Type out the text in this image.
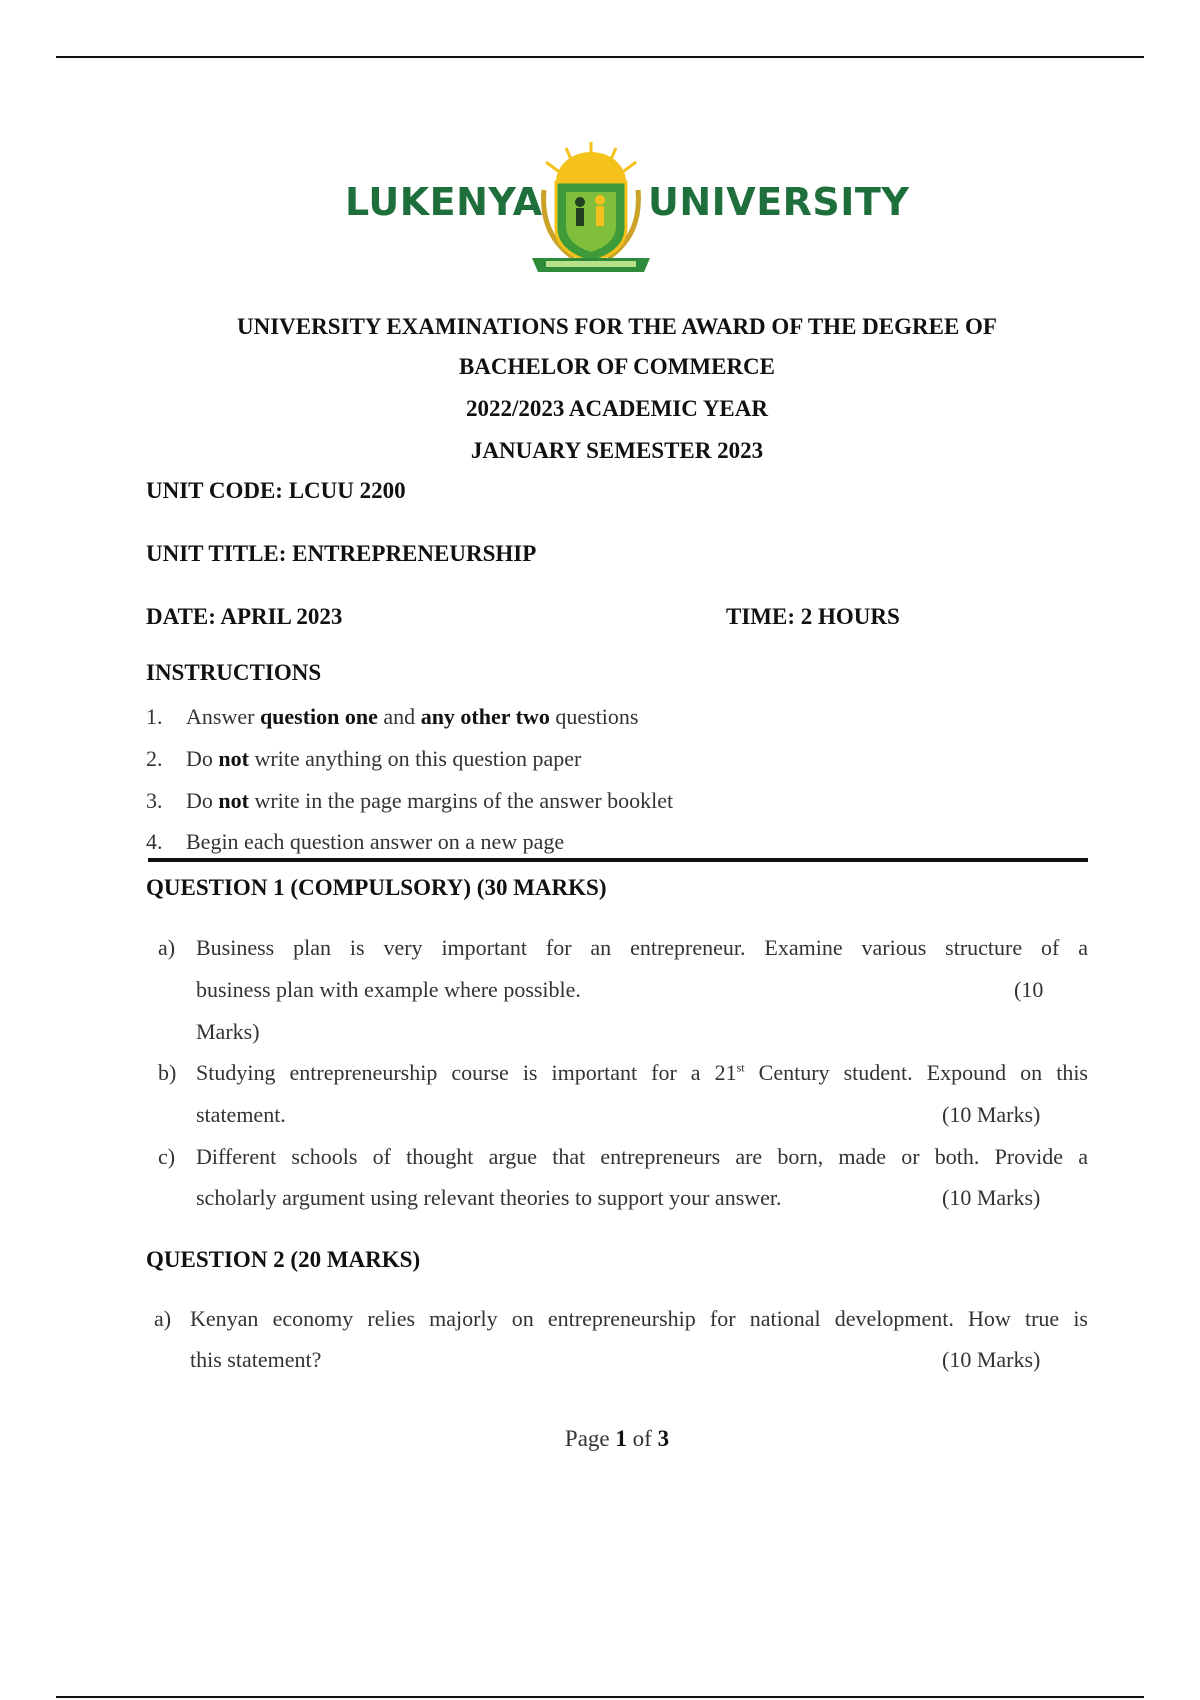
LUKENYA	UNIVERSITY
UNIVERSITY EXAMINATIONS FOR THE AWARD OF THE DEGREE OF
BACHELOR OF COMMERCE
2022/2023 ACADEMIC YEAR
JANUARY SEMESTER 2023
UNIT CODE: LCUU 2200
UNIT TITLE: ENTREPRENEURSHIP
DATE: APRIL 2023	TIME: 2 HOURS
INSTRUCTIONS
1. Answer question one and any other two questions
2. Do not write anything on this question paper
3. Do not write in the page margins of the answer booklet
4. Begin each question answer on a new page
QUESTION 1 (COMPULSORY) (30 MARKS)
a) Business plan is very important for an entrepreneur. Examine various structure of a
business plan with example where possible.	(10
Marks)
b) Studying entrepreneurship course is important for a 21st Century student. Expound on this
statement.	(10 Marks)
c) Different schools of thought argue that entrepreneurs are born, made or both. Provide a
scholarly argument using relevant theories to support your answer.	(10 Marks)
QUESTION 2 (20 MARKS)
a) Kenyan economy relies majorly on entrepreneurship for national development. How true is
this statement?	(10 Marks)
Page 1 of 3
